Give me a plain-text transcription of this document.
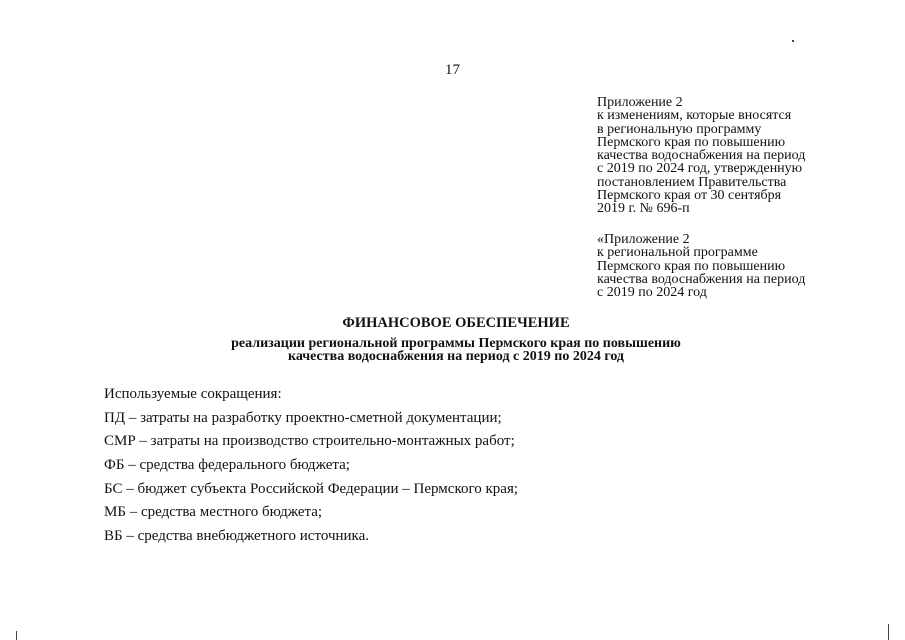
17
Приложение 2
к изменениям, которые вносятся
в региональную программу
Пермского края по повышению
качества водоснабжения на период
с 2019 по 2024 год, утвержденную
постановлением Правительства
Пермского края от 30 сентября
2019 г. № 696-п
«Приложение 2
к региональной программе
Пермского края по повышению
качества водоснабжения на период
с 2019 по 2024 год
ФИНАНСОВОЕ ОБЕСПЕЧЕНИЕ
реализации региональной программы Пермского края по повышению
качества водоснабжения на период с 2019 по 2024 год
Используемые сокращения:
ПД – затраты на разработку проектно-сметной документации;
СМР – затраты на производство строительно-монтажных работ;
ФБ – средства федерального бюджета;
БС – бюджет субъекта Российской Федерации – Пермского края;
МБ – средства местного бюджета;
ВБ – средства внебюджетного источника.
